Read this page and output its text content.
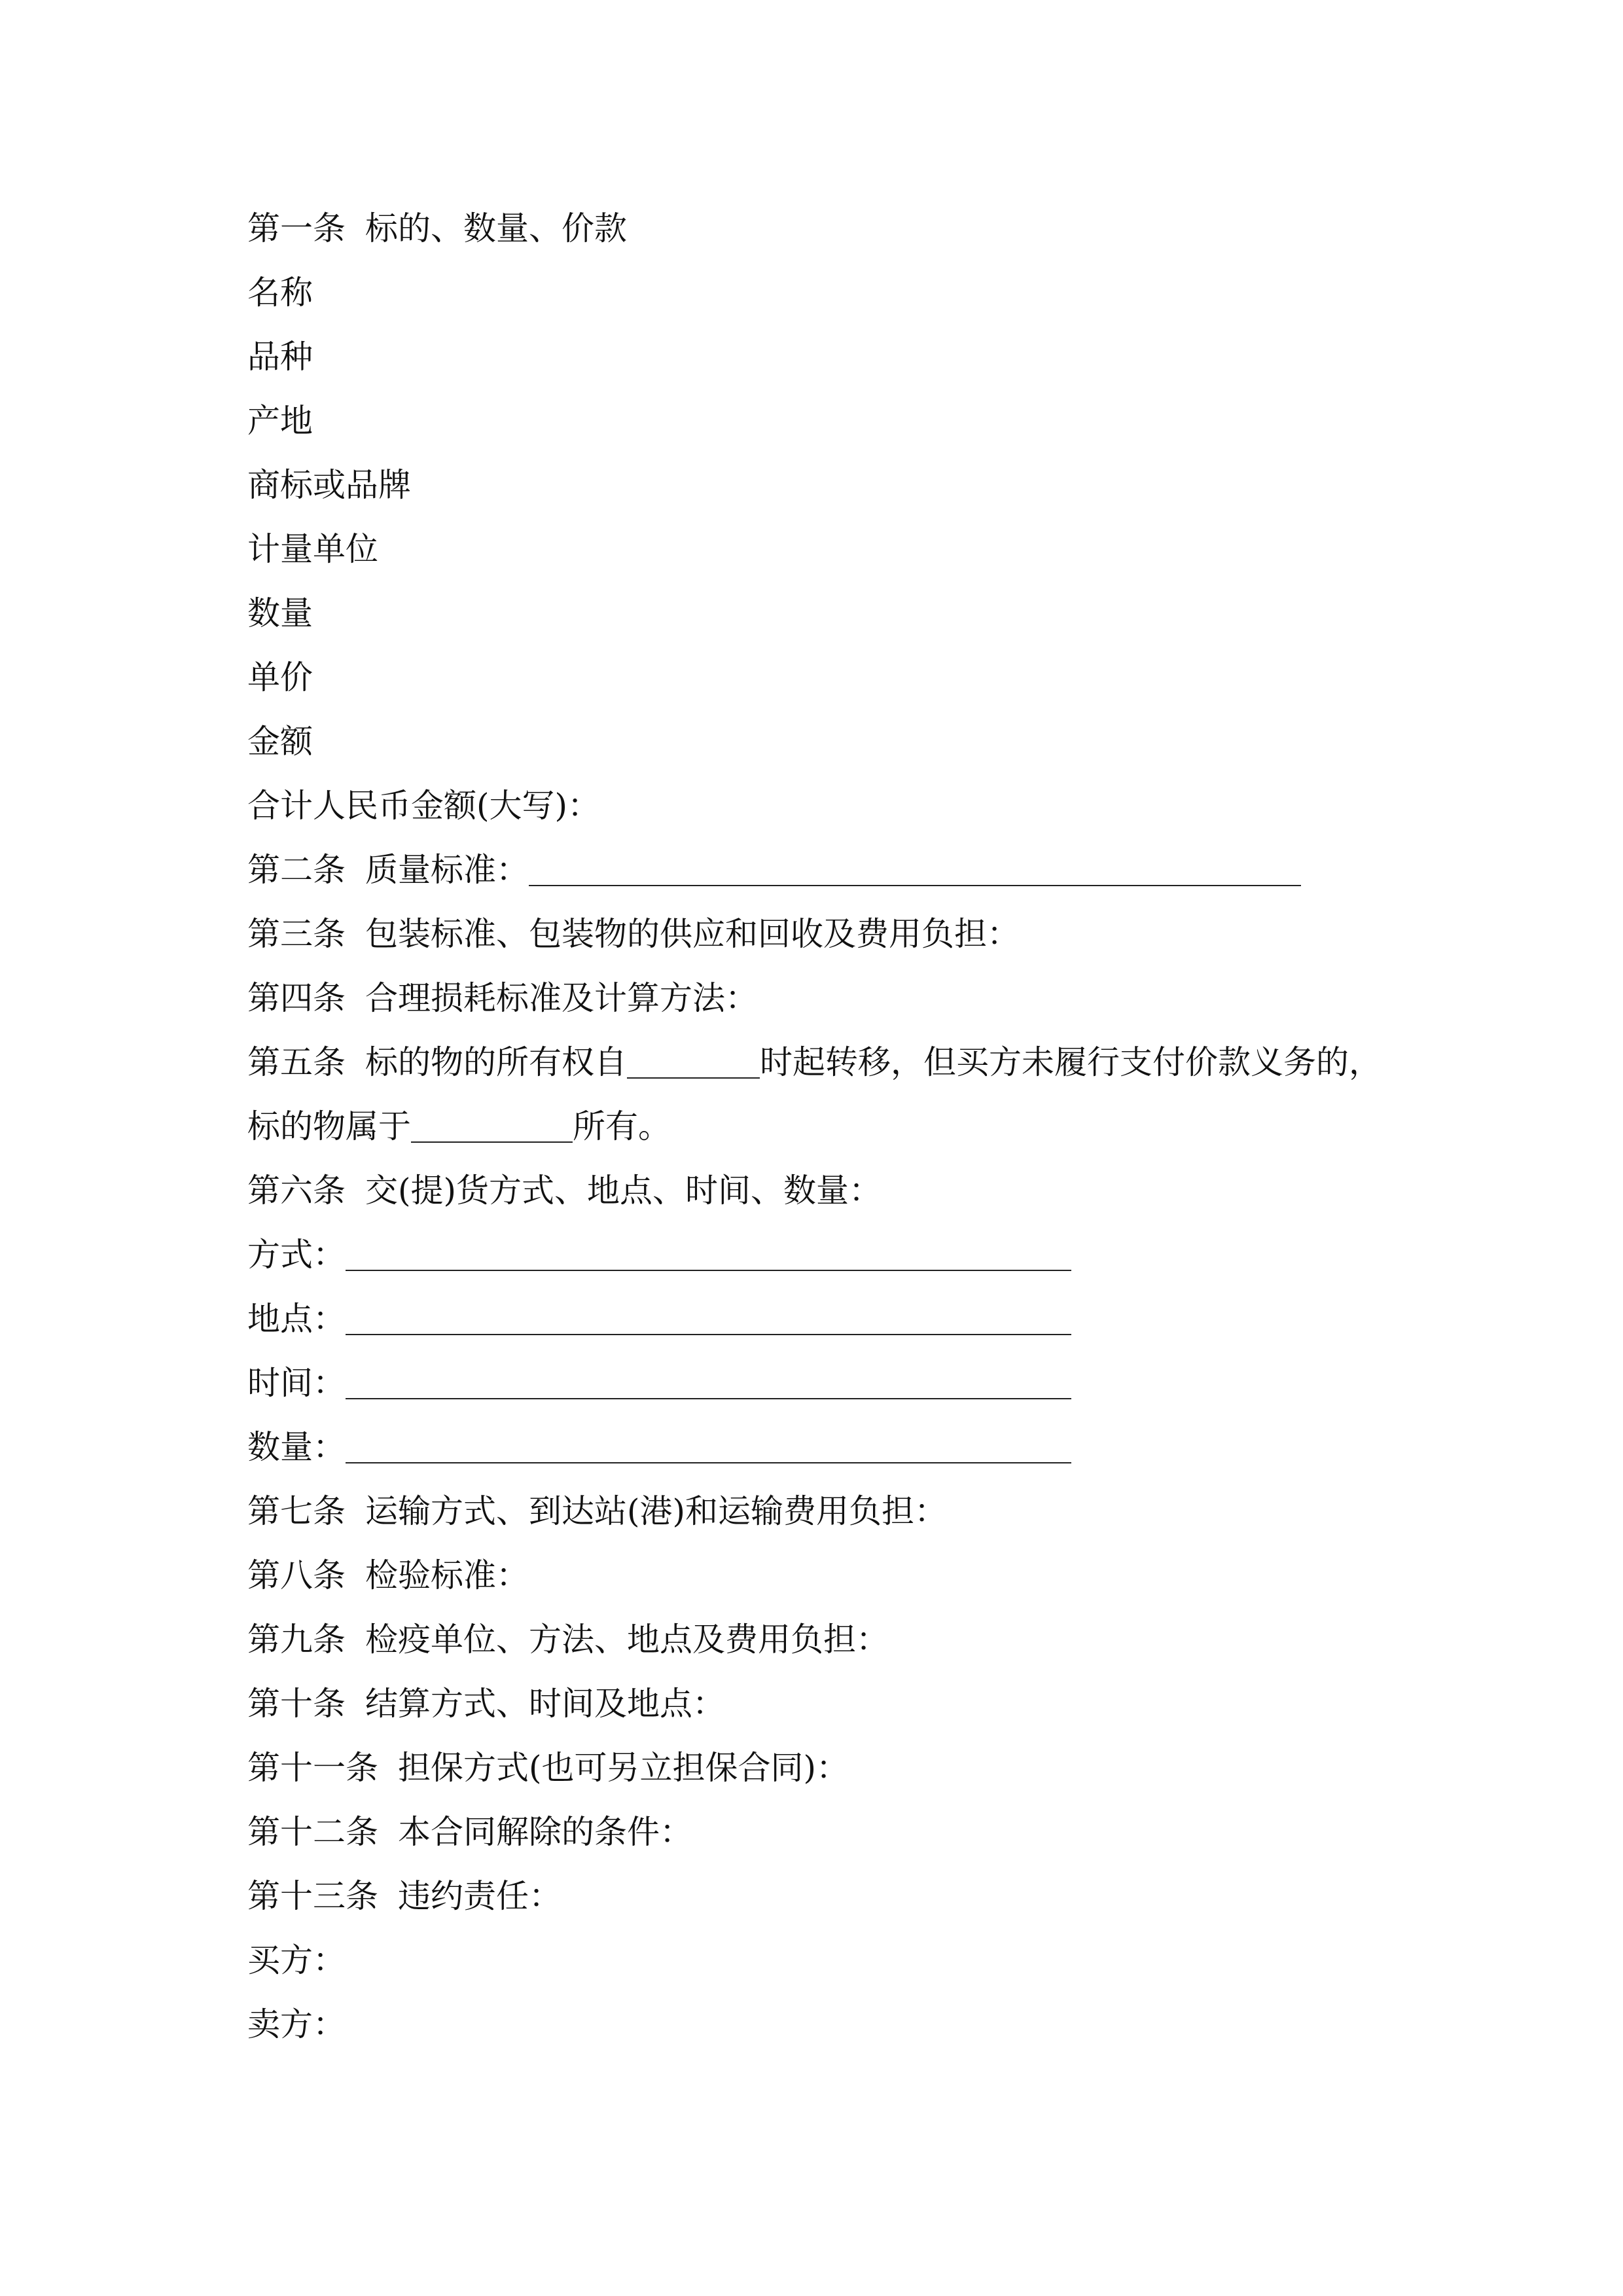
第一条 标的、数量、价款
名称
品种
产地
商标或品牌
计量单位
数量
单价
金额
合计人民币金额(大写)：
第二条 质量标准：
第三条 包装标准、包装物的供应和回收及费用负担：
第四条 合理损耗标准及计算方法：
第五条 标的物的所有权自	时起转移，但买方未履行支付价款义务的，
标的物属于	所有。
第六条 交(提)货方式、地点、时间、数量：
方式：
地点：
时间：
数量：
第七条 运输方式、到达站(港)和运输费用负担：
第八条 检验标准：
第九条 检疫单位、方法、地点及费用负担：
第十条 结算方式、时间及地点：
第十一条 担保方式(也可另立担保合同)：
第十二条 本合同解除的条件：
第十三条 违约责任：
买方：
卖方：
